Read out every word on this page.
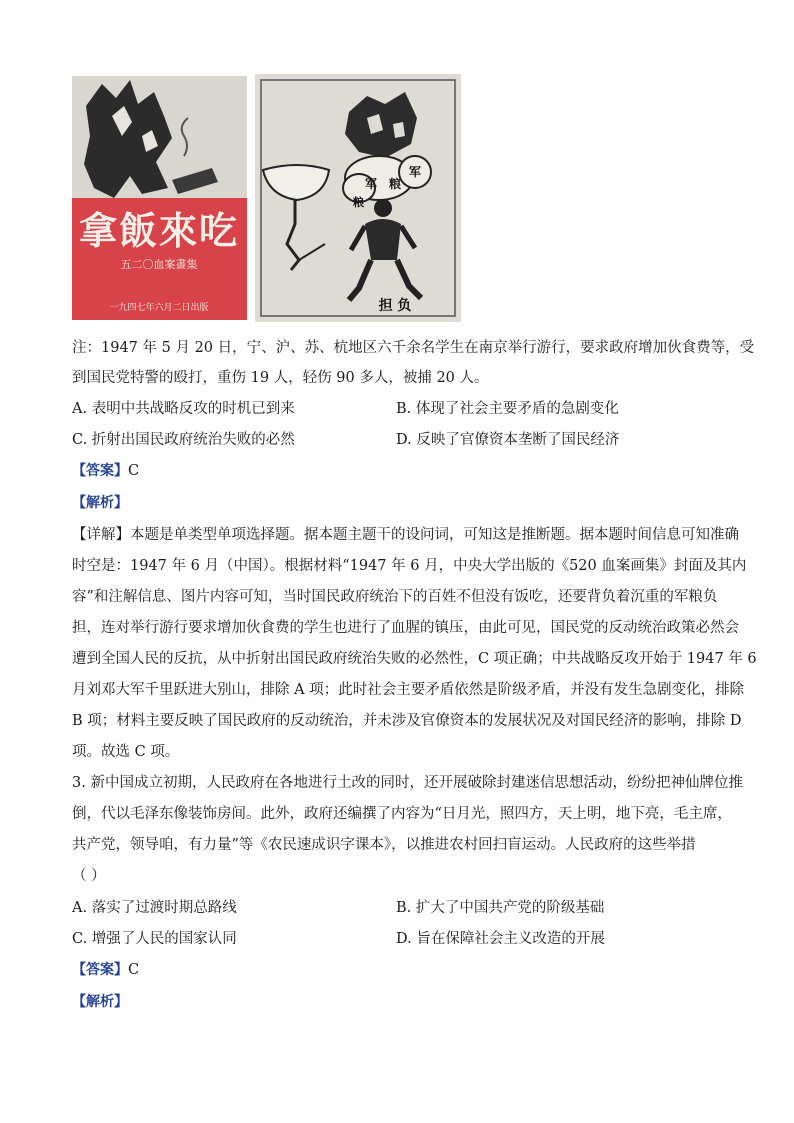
拿飯來吃
五二〇血案畫集
一九四七年六月二日出版
军 粮
粮
军
担 负
注：1947 年 5 月 20 日，宁、沪、苏、杭地区六千余名学生在南京举行游行，要求政府增加伙食费等，受
到国民党特警的殴打，重伤 19 人，轻伤 90 多人，被捕 20 人。
A. 表明中共战略反攻的时机已到来	B. 体现了社会主要矛盾的急剧变化
C. 折射出国民政府统治失败的必然	D. 反映了官僚资本垄断了国民经济
【答案】C
【解析】
【详解】本题是单类型单项选择题。据本题主题干的设问词，可知这是推断题。据本题时间信息可知准确
时空是：1947 年 6 月（中国）。根据材料“1947 年 6 月，中央大学出版的《520 血案画集》封面及其内
容”和注解信息、图片内容可知，当时国民政府统治下的百姓不但没有饭吃，还要背负着沉重的军粮负
担，连对举行游行要求增加伙食费的学生也进行了血腥的镇压，由此可见，国民党的反动统治政策必然会
遭到全国人民的反抗，从中折射出国民政府统治失败的必然性，C 项正确；中共战略反攻开始于 1947 年 6
月刘邓大军千里跃进大别山，排除 A 项；此时社会主要矛盾依然是阶级矛盾，并没有发生急剧变化，排除
B 项；材料主要反映了国民政府的反动统治，并未涉及官僚资本的发展状况及对国民经济的影响，排除 D
项。故选 C 项。
3. 新中国成立初期，人民政府在各地进行土改的同时，还开展破除封建迷信思想活动，纷纷把神仙牌位推
倒，代以毛泽东像装饰房间。此外，政府还编撰了内容为“日月光，照四方，天上明，地下亮，毛主席，
共产党，领导咱，有力量”等《农民速成识字课本》，以推进农村回扫盲运动。人民政府的这些举措
（ ）
A. 落实了过渡时期总路线	B. 扩大了中国共产党的阶级基础
C. 增强了人民的国家认同	D. 旨在保障社会主义改造的开展
【答案】C
【解析】
